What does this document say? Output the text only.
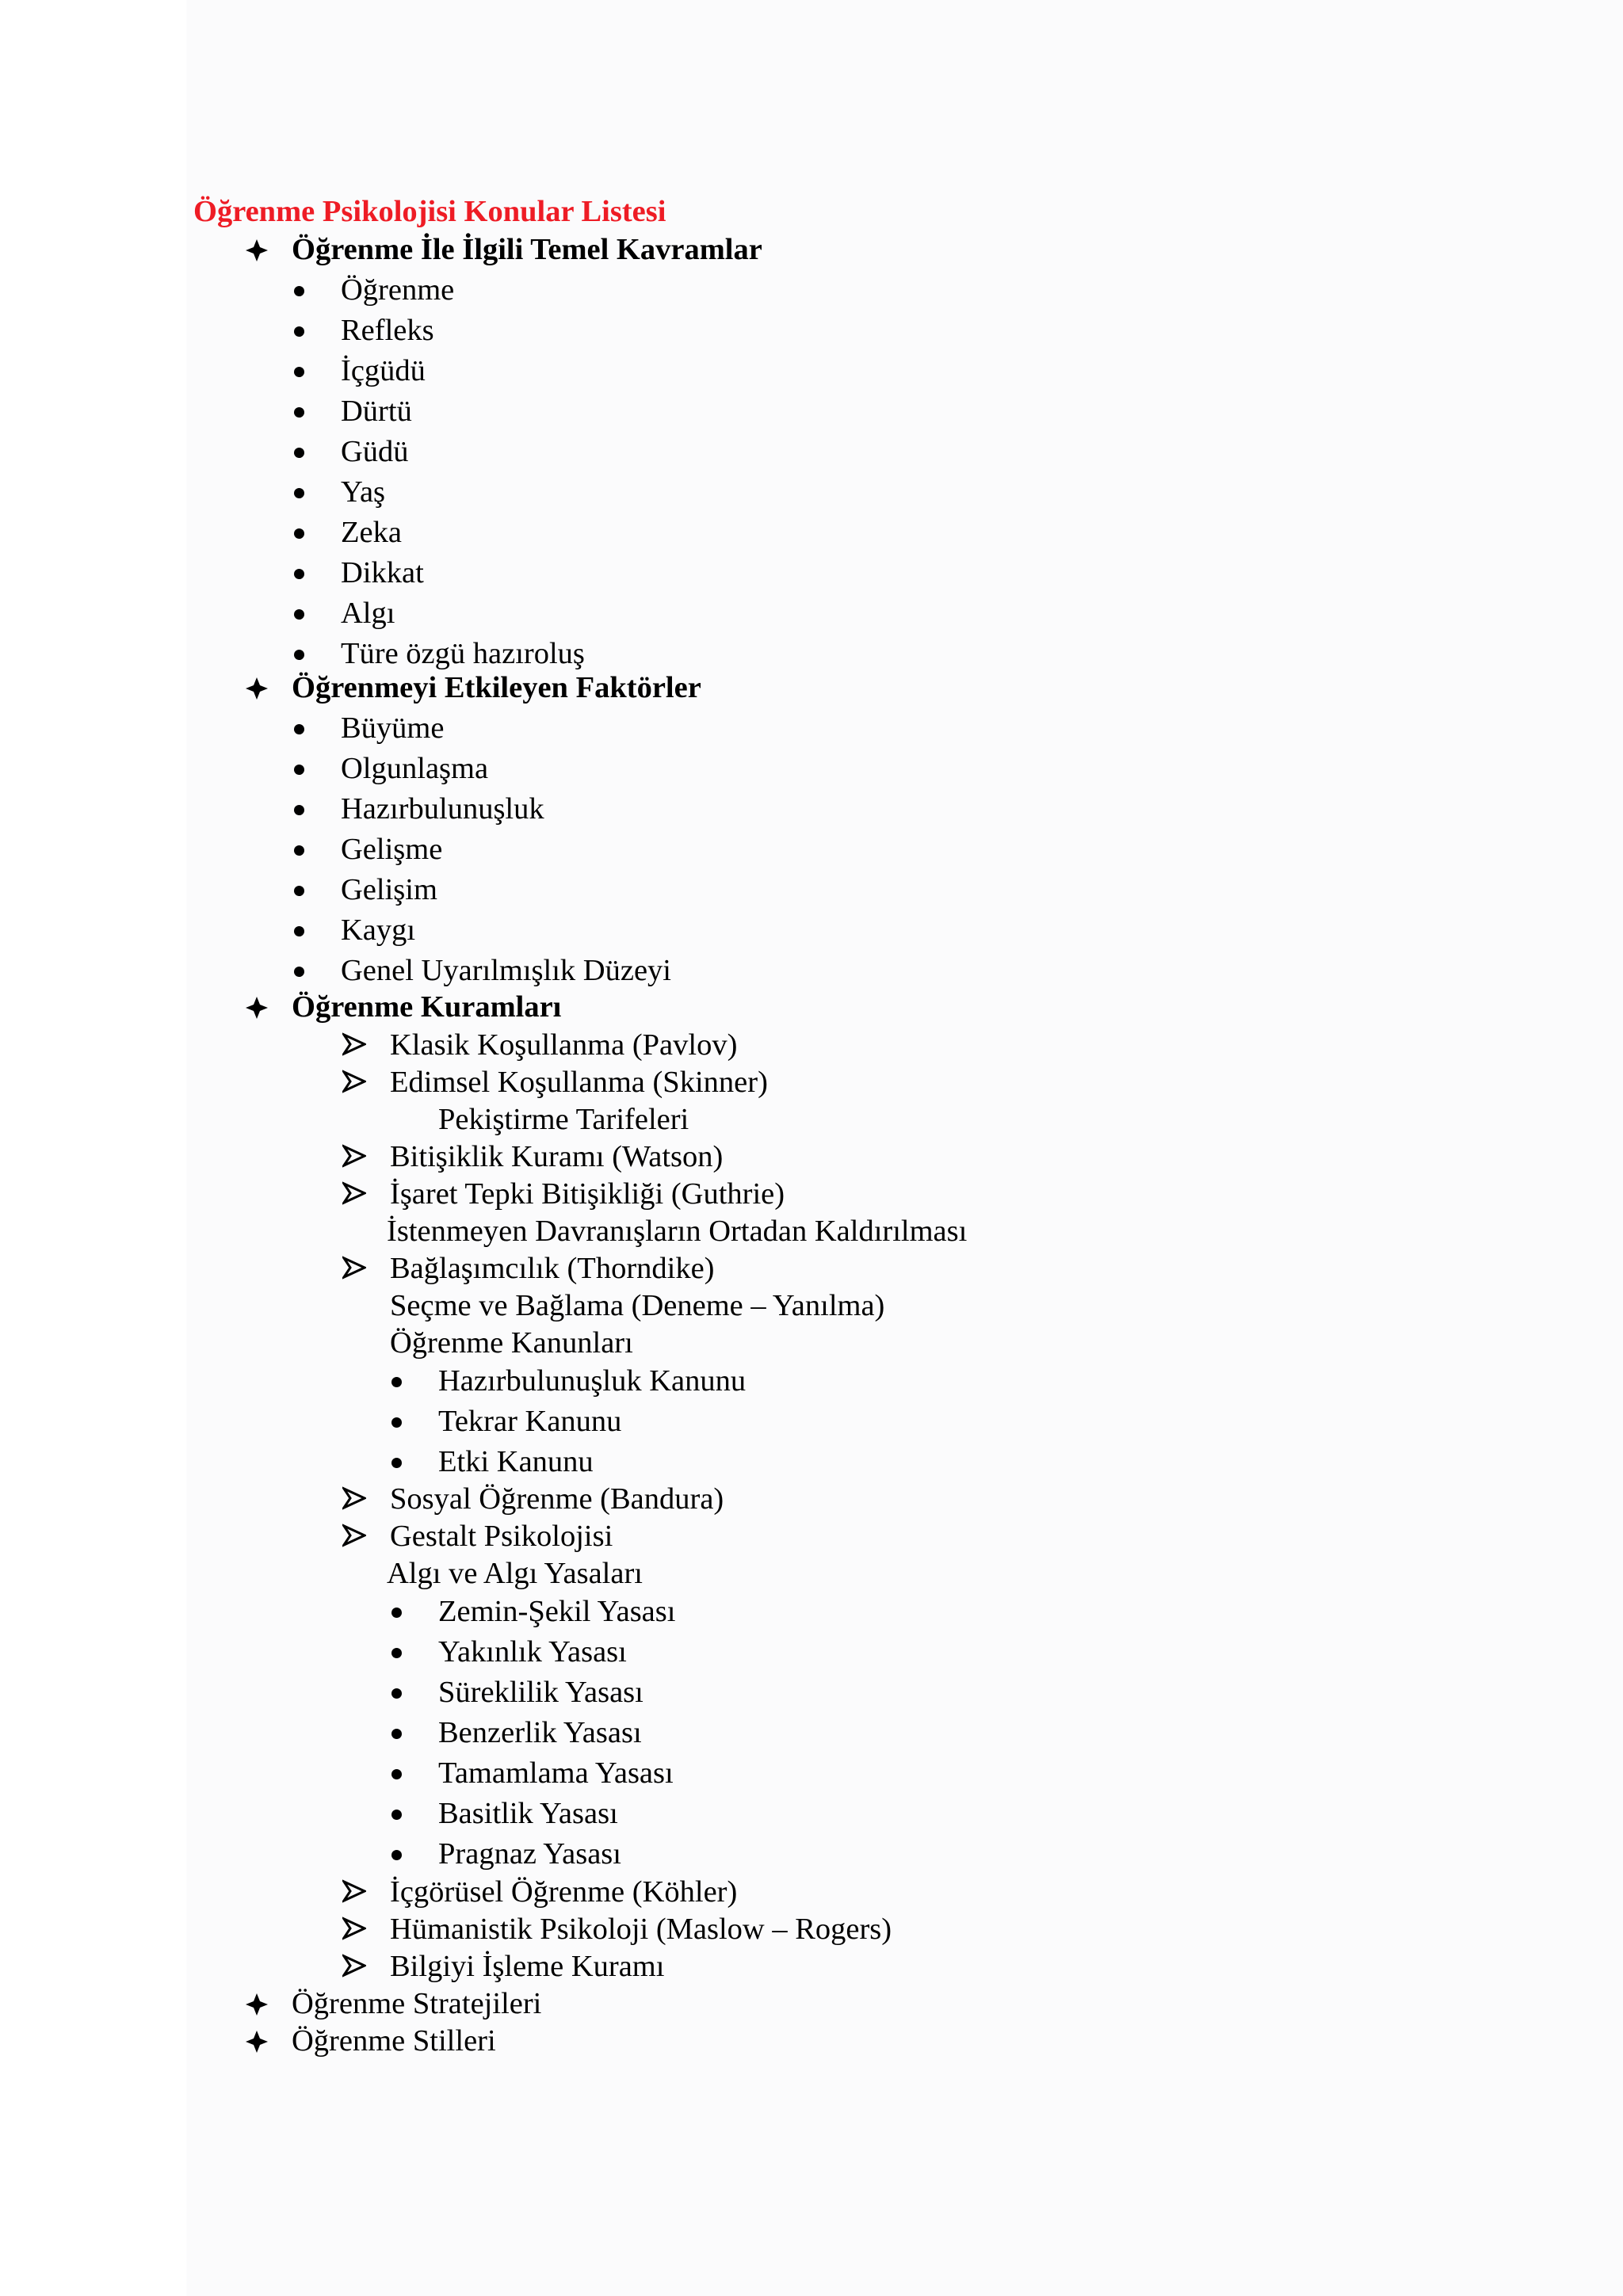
Öğrenme Psikolojisi Konular Listesi
Öğrenme İle İlgili Temel Kavramlar
Öğrenme
Refleks
İçgüdü
Dürtü
Güdü
Yaş
Zeka
Dikkat
Algı
Türe özgü hazıroluş
Öğrenmeyi Etkileyen Faktörler
Büyüme
Olgunlaşma
Hazırbulunuşluk
Gelişme
Gelişim
Kaygı
Genel Uyarılmışlık Düzeyi
Öğrenme Kuramları
Klasik Koşullanma (Pavlov)
Edimsel Koşullanma (Skinner)
Pekiştirme Tarifeleri
Bitişiklik Kuramı (Watson)
İşaret Tepki Bitişikliği (Guthrie)
İstenmeyen Davranışların Ortadan Kaldırılması
Bağlaşımcılık (Thorndike)
Seçme ve Bağlama (Deneme – Yanılma)
Öğrenme Kanunları
Hazırbulunuşluk Kanunu
Tekrar Kanunu
Etki Kanunu
Sosyal Öğrenme (Bandura)
Gestalt Psikolojisi
Algı ve Algı Yasaları
Zemin-Şekil Yasası
Yakınlık Yasası
Süreklilik Yasası
Benzerlik Yasası
Tamamlama Yasası
Basitlik Yasası
Pragnaz Yasası
İçgörüsel Öğrenme (Köhler)
Hümanistik Psikoloji (Maslow – Rogers)
Bilgiyi İşleme Kuramı
Öğrenme Stratejileri
Öğrenme Stilleri
